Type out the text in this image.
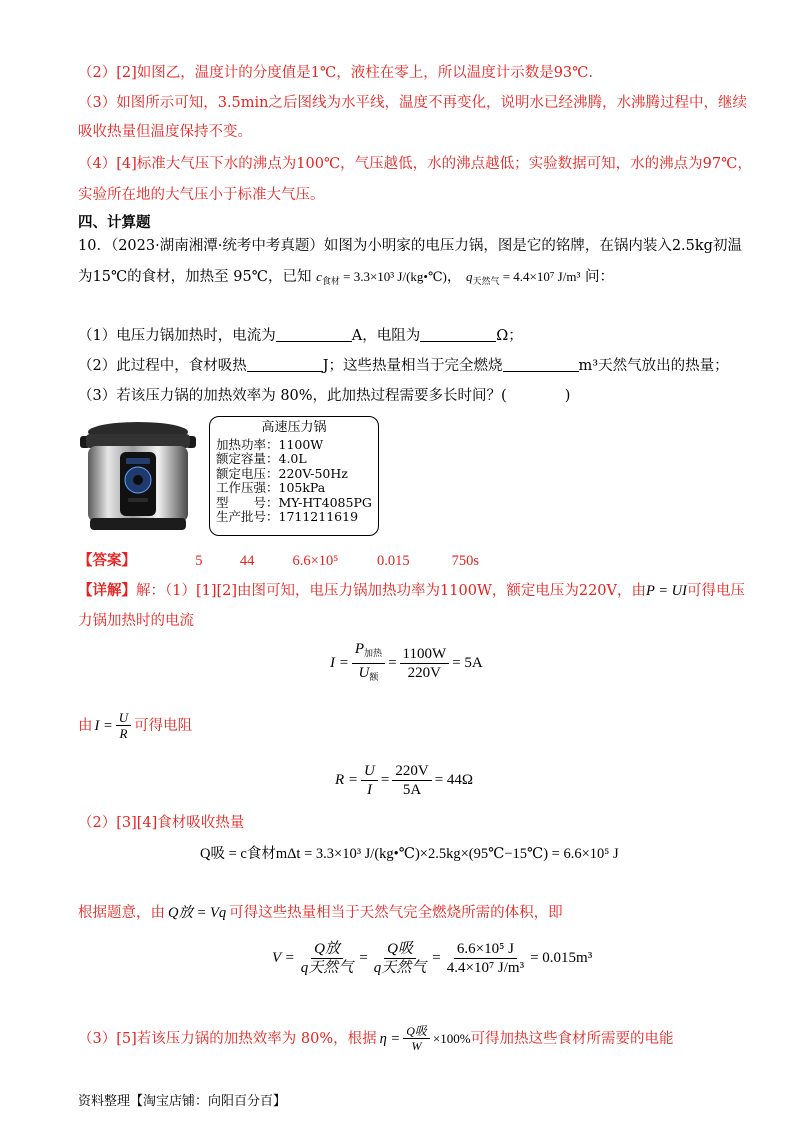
（2）[2]如图乙，温度计的分度值是1℃，液柱在零上，所以温度计示数是93℃.
（3）如图所示可知，3.5min之后图线为水平线，温度不再变化，说明水已经沸腾，水沸腾过程中，继续
吸收热量但温度保持不变。
（4）[4]标准大气压下水的沸点为100℃，气压越低，水的沸点越低；实验数据可知，水的沸点为97℃，
实验所在地的大气压小于标准大气压。
四、计算题
10．（2023·湖南湘潭·统考中考真题）如图为小明家的电压力锅，图是它的铭牌，在锅内装入2.5kg初温
为15℃的食材，加热至 95℃，已知 $c_{食材} = 3.3\times 10^3$ J/(kg•℃)， $q_{天然气} = 4.4\times 10^7$ J/m³ 问：
（1）电压力锅加热时，电流为	A，电阻为	Ω；
（2）此过程中，食材吸热	J；这些热量相当于完全燃烧	m³天然气放出的热量；
（3）若该压力锅的加热效率为 80%，此加热过程需要多长时间？(　　　　)
高速压力锅
加热功率：1100W
额定容量：4.0L
额定电压：220V-50Hz
工作压强：105kPa
型　　号：MY-HT4085PG
生产批号：1711211619
【答案】	5	44	6.6×10⁵	0.015	750s
【详解】解：（1）[1][2]由图可知，电压力锅加热功率为1100W，额定电压为220V，由P = UI可得电压
力锅加热时的电流
$I = \frac{P_{加热}}{U_额} = \frac{1100W}{220V} = 5A$
由 $I = \frac{U}{R}$ 可得电阻
$R = \frac{U}{I} = \frac{220V}{5A} = 44\Omega$
（2）[3][4]食材吸收热量
Q吸 = c食材mΔt = 3.3×10³ J/(kg•℃)×2.5kg×(95℃−15℃) = 6.6×10⁵ J
根据题意，由 Q放 = Vq 可得这些热量相当于天然气完全燃烧所需的体积，即
$V = \frac{\text{Q放}}{\text{q天然气}} = \frac{\text{Q吸}}{\text{q天然气}} = \frac{\text{6.6×10⁵ J}}{\text{4.4×10⁷ J/m³}} = 0.015m^3$
（3）[5]若该压力锅的加热效率为 80%，根据 $\eta = \frac{\text{Q吸}}{W} \times 100\%$ 可得加热这些食材所需要的电能
资料整理【淘宝店铺：向阳百分百】
